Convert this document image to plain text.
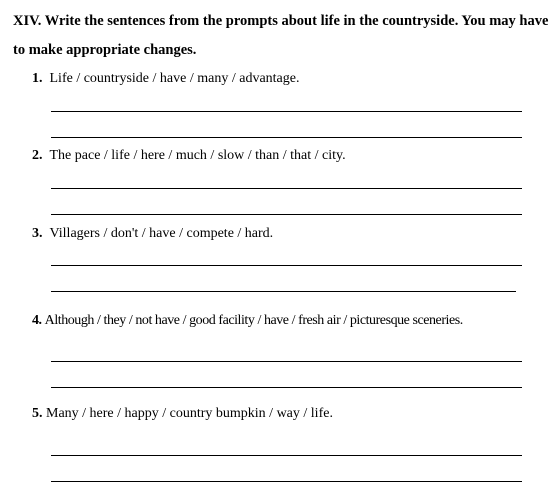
XIV. Write the sentences from the prompts about life in the countryside. You may have to make appropriate changes.
1. Life / countryside / have / many / advantage.
2. The pace / life / here / much / slow / than / that / city.
3. Villagers / don't / have / compete / hard.
4. Although / they / not have / good facility / have / fresh air / picturesque sceneries.
5. Many / here / happy / country bumpkin / way / life.
